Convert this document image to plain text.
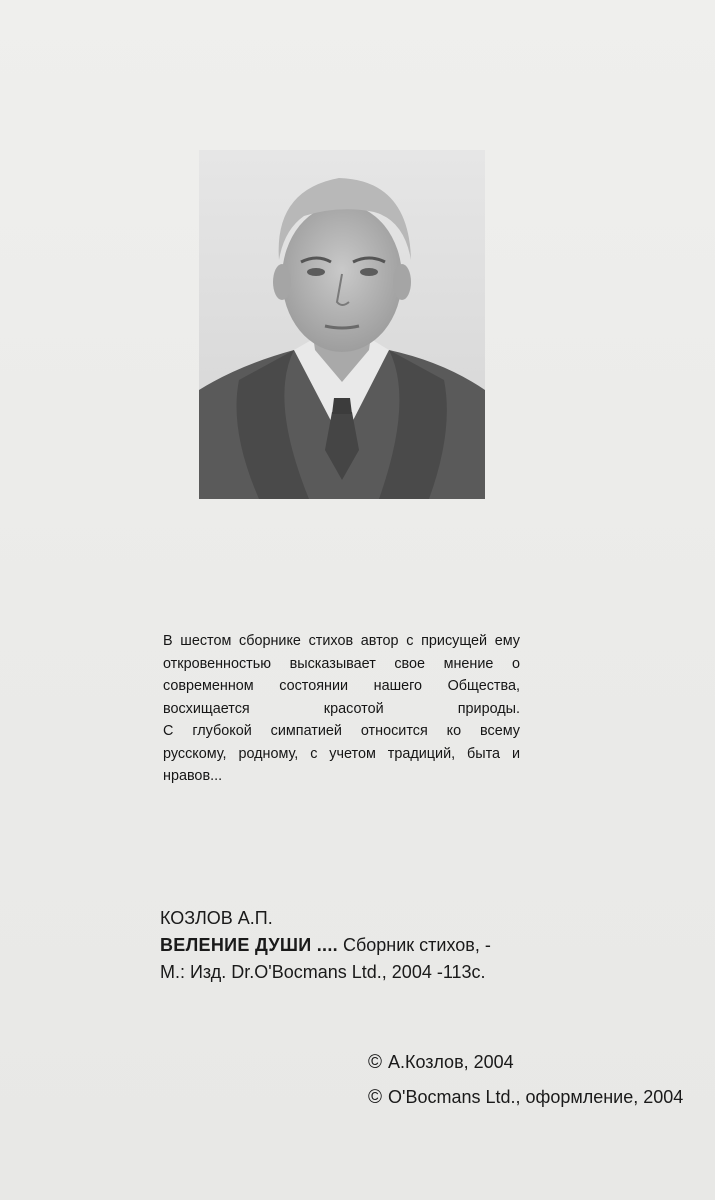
В шестом сборнике стихов автор с присущей ему

откровенностью высказывает свое мнение о

современном состоянии нашего Общества,

восхищается красотой природы.

С глубокой симпатией относится ко всему

русскому, родному, с учетом традиций, быта и

нравов...

КОЗЛОВ А.П.
ВЕЛЕНИЕ ДУШИ .... Сборник стихов, -
М.: Изд. Dr.O'Bocmans Ltd., 2004 -113с.
© А.Козлов, 2004
© O'Bocmans Ltd., оформление, 2004
